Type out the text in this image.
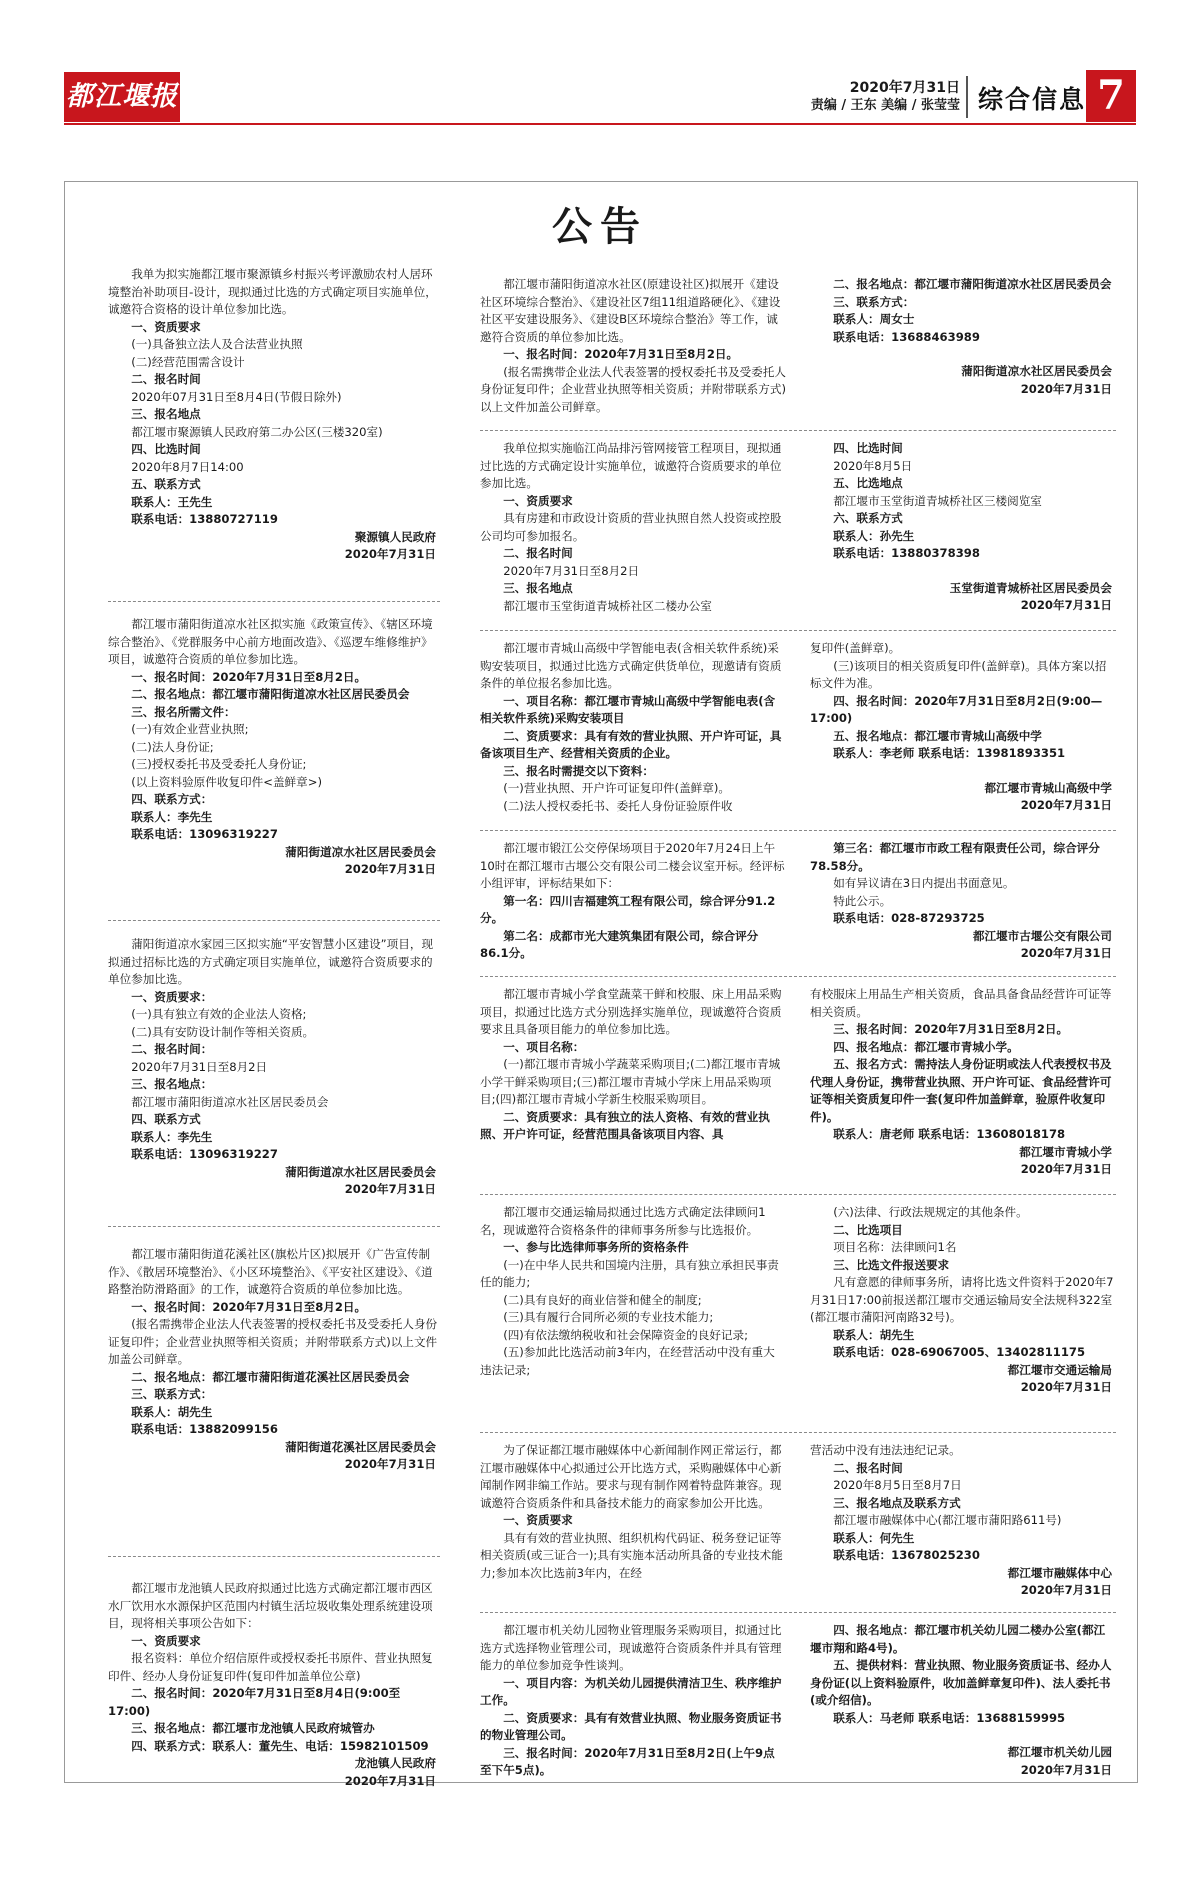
都江堰报	2020年7月31日
责编 / 王东 美编 / 张莹莹 综合信息 7
公告

我单为拟实施都江堰市聚源镇乡村振兴考评激励农村人居环境整治补助项目-设计，现拟通过比选的方式确定项目实施单位，诚邀符合资格的设计单位参加比选。

一、资质要求

(一)具备独立法人及合法营业执照

(二)经营范围需含设计

二、报名时间

2020年07月31日至8月4日(节假日除外)

三、报名地点

都江堰市聚源镇人民政府第二办公区(三楼320室)

四、比选时间

2020年8月7日14:00

五、联系方式

联系人：王先生

联系电话：13880727119

聚源镇人民政府

2020年7月31日

都江堰市蒲阳街道凉水社区拟实施《政策宣传》、《辖区环境综合整治》、《党群服务中心前方地面改造》、《巡逻车维修维护》项目，诚邀符合资质的单位参加比选。

一、报名时间：2020年7月31日至8月2日。

二、报名地点：都江堰市蒲阳街道凉水社区居民委员会

三、报名所需文件：

(一)有效企业营业执照;

(二)法人身份证;

(三)授权委托书及受委托人身份证;

(以上资料验原件收复印件<盖鲜章>)

四、联系方式：

联系人：李先生

联系电话：13096319227

蒲阳街道凉水社区居民委员会

2020年7月31日

蒲阳街道凉水家园三区拟实施“平安智慧小区建设”项目，现拟通过招标比选的方式确定项目实施单位，诚邀符合资质要求的单位参加比选。

一、资质要求：

(一)具有独立有效的企业法人资格;

(二)具有安防设计制作等相关资质。

二、报名时间：

2020年7月31日至8月2日

三、报名地点：

都江堰市蒲阳街道凉水社区居民委员会

四、联系方式

联系人：李先生

联系电话：13096319227

蒲阳街道凉水社区居民委员会

2020年7月31日

都江堰市蒲阳街道花溪社区(旗松片区)拟展开《广告宣传制作》、《散居环境整治》、《小区环境整治》、《平安社区建设》、《道路整治防滑路面》的工作，诚邀符合资质的单位参加比选。

一、报名时间：2020年7月31日至8月2日。

(报名需携带企业法人代表签署的授权委托书及受委托人身份证复印件；企业营业执照等相关资质；并附带联系方式)以上文件加盖公司鲜章。

二、报名地点：都江堰市蒲阳街道花溪社区居民委员会

三、联系方式：

联系人：胡先生

联系电话：13882099156

蒲阳街道花溪社区居民委员会

2020年7月31日

都江堰市龙池镇人民政府拟通过比选方式确定都江堰市西区水厂饮用水水源保护区范围内村镇生活垃圾收集处理系统建设项目，现将相关事项公告如下：

一、资质要求

报名资料：单位介绍信原件或授权委托书原件、营业执照复印件、经办人身份证复印件(复印件加盖单位公章)

二、报名时间：2020年7月31日至8月4日(9:00至17:00)

三、报名地点：都江堰市龙池镇人民政府城管办

四、联系方式：联系人：董先生、电话：15982101509

龙池镇人民政府

2020年7月31日

都江堰市蒲阳街道凉水社区(原建设社区)拟展开《建设社区环境综合整治》、《建设社区7组11组道路硬化》、《建设社区平安建设服务》、《建设B区环境综合整治》等工作，诚邀符合资质的单位参加比选。

一、报名时间：2020年7月31日至8月2日。

(报名需携带企业法人代表签署的授权委托书及受委托人身份证复印件；企业营业执照等相关资质；并附带联系方式)以上文件加盖公司鲜章。

二、报名地点：都江堰市蒲阳街道凉水社区居民委员会

三、联系方式：

联系人：周女士

联系电话：13688463989

蒲阳街道凉水社区居民委员会

2020年7月31日

我单位拟实施临江尚品排污管网接管工程项目，现拟通过比选的方式确定设计实施单位，诚邀符合资质要求的单位参加比选。

一、资质要求

具有房建和市政设计资质的营业执照自然人投资或控股公司均可参加报名。

二、报名时间

2020年7月31日至8月2日

三、报名地点

都江堰市玉堂街道青城桥社区二楼办公室

四、比选时间

2020年8月5日

五、比选地点

都江堰市玉堂街道青城桥社区三楼阅览室

六、联系方式

联系人：孙先生

联系电话：13880378398

玉堂街道青城桥社区居民委员会

2020年7月31日

都江堰市青城山高级中学智能电表(含相关软件系统)采购安装项目，拟通过比选方式确定供货单位，现邀请有资质条件的单位报名参加比选。

一、项目名称：都江堰市青城山高级中学智能电表(含相关软件系统)采购安装项目

二、资质要求：具有有效的营业执照、开户许可证，具备该项目生产、经营相关资质的企业。

三、报名时需提交以下资料：

(一)营业执照、开户许可证复印件(盖鲜章)。

(二)法人授权委托书、委托人身份证验原件收

复印件(盖鲜章)。

(三)该项目的相关资质复印件(盖鲜章)。具体方案以招标文件为准。

四、报名时间：2020年7月31日至8月2日(9:00—17:00)

五、报名地点：都江堰市青城山高级中学

联系人：李老师 联系电话：13981893351

都江堰市青城山高级中学

2020年7月31日

都江堰市锻江公交停保场项目于2020年7月24日上午10时在都江堰市古堰公交有限公司二楼会议室开标。经评标小组评审，评标结果如下：

第一名：四川吉福建筑工程有限公司，综合评分91.2分。

第二名：成都市光大建筑集团有限公司，综合评分86.1分。

第三名：都江堰市市政工程有限责任公司，综合评分78.58分。

如有异议请在3日内提出书面意见。

特此公示。

联系电话：028-87293725

都江堰市古堰公交有限公司

2020年7月31日

都江堰市青城小学食堂蔬菜干鲜和校服、床上用品采购项目，拟通过比选方式分别选择实施单位，现诚邀符合资质要求且具备项目能力的单位参加比选。

一、项目名称：

(一)都江堰市青城小学蔬菜采购项目;(二)都江堰市青城小学干鲜采购项目;(三)都江堰市青城小学床上用品采购项目;(四)都江堰市青城小学新生校服采购项目。

二、资质要求：具有独立的法人资格、有效的营业执照、开户许可证，经营范围具备该项目内容、具

有校服床上用品生产相关资质，食品具备食品经营许可证等相关资质。

三、报名时间：2020年7月31日至8月2日。

四、报名地点：都江堰市青城小学。

五、报名方式：需持法人身份证明或法人代表授权书及代理人身份证，携带营业执照、开户许可证、食品经营许可证等相关资质复印件一套(复印件加盖鲜章，验原件收复印件)。

联系人：唐老师 联系电话：13608018178

都江堰市青城小学

2020年7月31日

都江堰市交通运输局拟通过比选方式确定法律顾问1名，现诚邀符合资格条件的律师事务所参与比选报价。

一、参与比选律师事务所的资格条件

(一)在中华人民共和国境内注册，具有独立承担民事责任的能力;

(二)具有良好的商业信誉和健全的制度;

(三)具有履行合同所必须的专业技术能力;

(四)有依法缴纳税收和社会保障资金的良好记录;

(五)参加此比选活动前3年内，在经营活动中没有重大违法记录;

(六)法律、行政法规规定的其他条件。

二、比选项目

项目名称：法律顾问1名

三、比选文件报送要求

凡有意愿的律师事务所，请将比选文件资料于2020年7月31日17:00前报送都江堰市交通运输局安全法规科322室(都江堰市蒲阳河南路32号)。

联系人：胡先生

联系电话：028-69067005、13402811175

都江堰市交通运输局

2020年7月31日

为了保证都江堰市融媒体中心新闻制作网正常运行，都江堰市融媒体中心拟通过公开比选方式，采购融媒体中心新闻制作网非编工作站。要求与现有制作网着特盘阵兼容。现诚邀符合资质条件和具备技术能力的商家参加公开比选。

一、资质要求

具有有效的营业执照、组织机构代码证、税务登记证等相关资质(或三证合一);具有实施本活动所具备的专业技术能力;参加本次比选前3年内，在经

营活动中没有违法违纪记录。

二、报名时间

2020年8月5日至8月7日

三、报名地点及联系方式

都江堰市融媒体中心(都江堰市蒲阳路611号)

联系人：何先生

联系电话：13678025230

都江堰市融媒体中心

2020年7月31日

都江堰市机关幼儿园物业管理服务采购项目，拟通过比选方式选择物业管理公司，现诚邀符合资质条件并具有管理能力的单位参加竞争性谈判。

一、项目内容：为机关幼儿园提供清洁卫生、秩序维护工作。

二、资质要求：具有有效营业执照、物业服务资质证书的物业管理公司。

三、报名时间：2020年7月31日至8月2日(上午9点至下午5点)。

四、报名地点：都江堰市机关幼儿园二楼办公室(都江堰市翔和路4号)。

五、提供材料：营业执照、物业服务资质证书、经办人身份证(以上资料验原件，收加盖鲜章复印件)、法人委托书(或介绍信)。

联系人：马老师 联系电话：13688159995

都江堰市机关幼儿园

2020年7月31日
